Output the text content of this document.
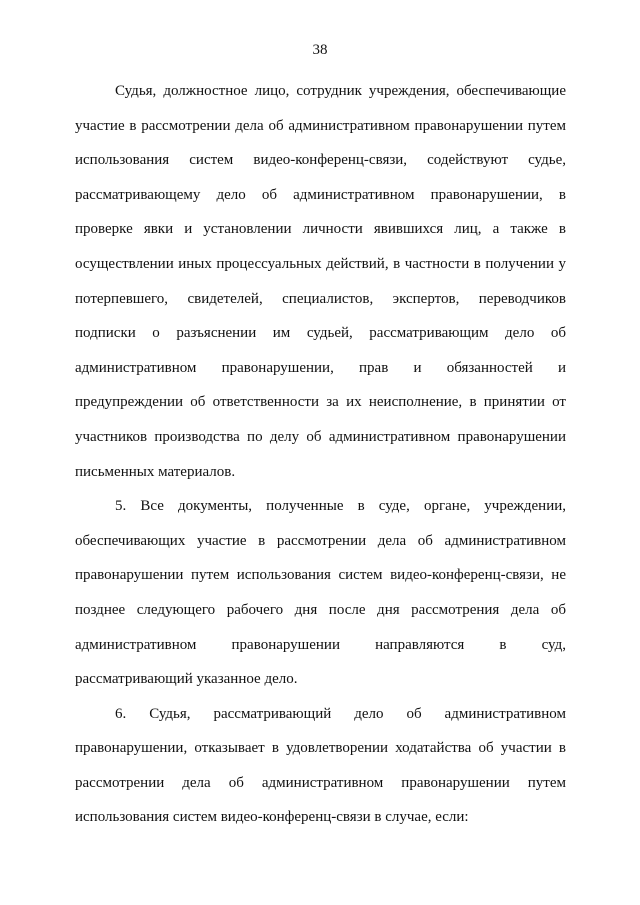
38
Судья, должностное лицо, сотрудник учреждения, обеспечивающие
участие в рассмотрении дела об административном правонарушении путем
использования систем видео-конференц-связи, содействуют судье,
рассматривающему дело об административном правонарушении, в
проверке явки и установлении личности явившихся лиц, а также в
осуществлении иных процессуальных действий, в частности в получении у
потерпевшего, свидетелей, специалистов, экспертов, переводчиков
подписки о разъяснении им судьей, рассматривающим дело об
административном правонарушении, прав и обязанностей и
предупреждении об ответственности за их неисполнение, в принятии от
участников производства по делу об административном правонарушении
письменных материалов.
5. Все документы, полученные в суде, органе, учреждении,
обеспечивающих участие в рассмотрении дела об административном
правонарушении путем использования систем видео-конференц-связи, не
позднее следующего рабочего дня после дня рассмотрения дела об
административном правонарушении направляются в суд,
рассматривающий указанное дело.
6. Судья, рассматривающий дело об административном
правонарушении, отказывает в удовлетворении ходатайства об участии в
рассмотрении дела об административном правонарушении путем
использования систем видео-конференц-связи в случае, если:
